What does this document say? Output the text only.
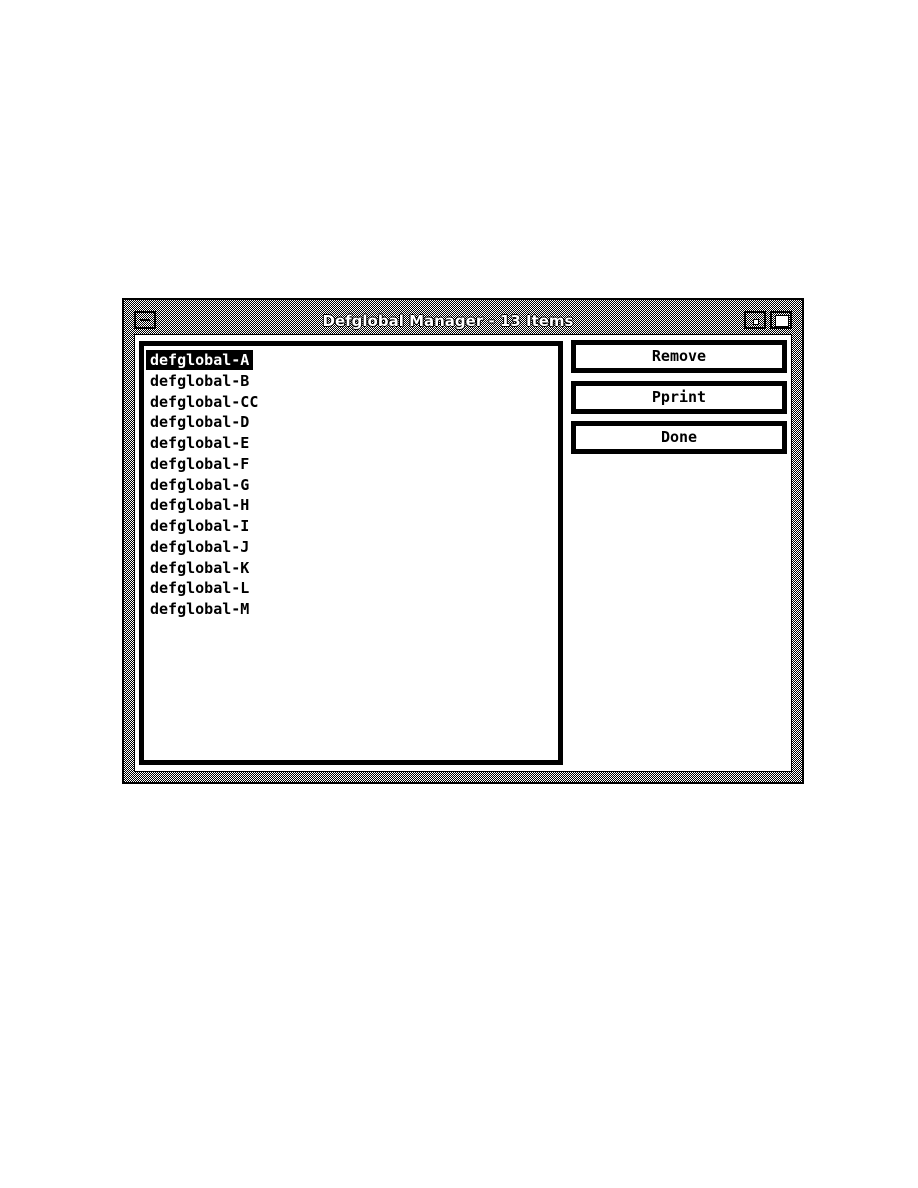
Defglobal Manager - 13 Items
defglobal-A
defglobal-B
defglobal-CC
defglobal-D
defglobal-E
defglobal-F
defglobal-G
defglobal-H
defglobal-I
defglobal-J
defglobal-K
defglobal-L
defglobal-M
Remove
Pprint
Done
